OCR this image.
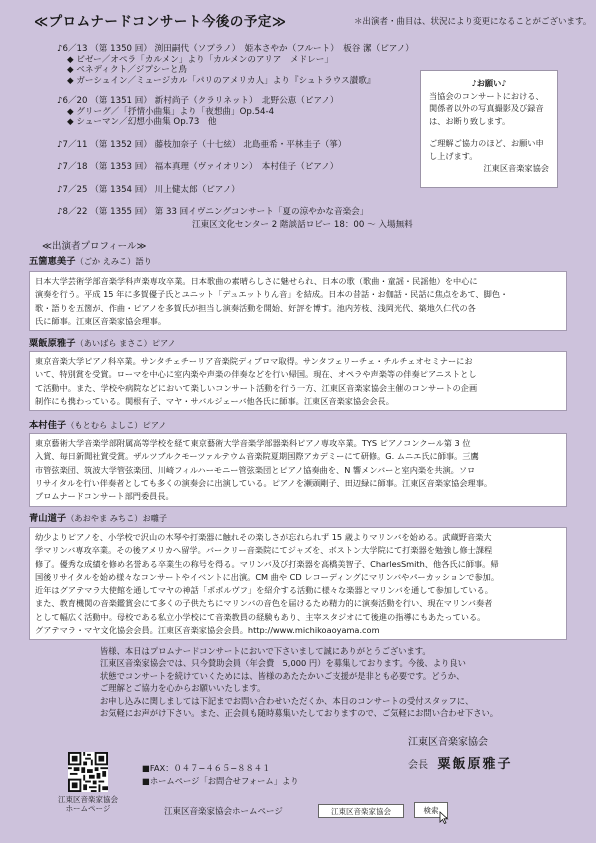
≪プロムナードコンサート今後の予定≫	＊出演者・曲目は、状況により変更になることがございます。
♪6／13 （第 1350 回） 渕田嗣代（ソプラノ）　姫本さやか（フルート）　板谷 潔（ピアノ）
◆ ビゼー／オペラ「カルメン」より「カルメンのアリア　メドレー」
◆ ベネディクト／ジプシーと鳥
◆ ガーシュイン／ミュージカル「パリのアメリカ人」より『シュトラウス讃歌』
♪6／20 （第 1351 回） 新村尚子（クラリネット）　北野公恵（ピアノ）
◆ グリーグ／「抒情小曲集」より「夜想曲」Op.54-4
◆ シューマン／幻想小曲集 Op.73　他
♪7／11 （第 1352 回） 藤枝加奈子（十七絃） 北島亜希・平林圭子（箏）
♪7／18 （第 1353 回） 福本真理（ヴァイオリン）　本村佳子（ピアノ）
♪7／25 （第 1354 回） 川上健太郎（ピアノ）
♪8／22 （第 1355 回） 第 33 回イヴニングコンサート「夏の涼やかな音楽会」
江東区文化センター 2 階談話ロビー 18：00 ～ 入場無料
♪お願い♪
当協会のコンサートにおける、
関係者以外の写真撮影及び録音
は、お断り致します。
ご理解ご協力のほど、お願い申
し上げます。
江東区音楽家協会
≪出演者プロフィール≫
五箇恵美子（ごか えみこ）語り

日本大学芸術学部音楽学科声楽専攻卒業。日本歌曲の素晴らしさに魅せられ、日本の歌（歌曲・童謡・民謡他）を中心に

演奏を行う。平成 15 年に多賀優子氏とユニット「デュエットりん音」を結成。日本の昔話・お伽話・民話に焦点をあて、脚色・

歌・語りを五箇が、作曲・ピアノを多賀氏が担当し演奏活動を開始、好評を博す。池内芳枝、浅岡光代、築地久仁代の各

氏に師事。江東区音楽家協会理事。

粟飯原雅子（あいばら まさこ）ピアノ

東京音楽大学ピアノ科卒業。サンタチェチーリア音楽院ディプロマ取得。サンタフェリーチェ・チルチェオセミナーにお

いて、特別賞を受賞。ローマを中心に室内楽や声楽の伴奏などを行い帰国。現在、オペラや声楽等の伴奏ピアニストとし

て活動中。また、学校や病院などにおいて楽しいコンサート活動を行う一方、江東区音楽家協会主催のコンサートの企画

制作にも携わっている。関根有子、マヤ・サバルジェーバ他各氏に師事。江東区音楽家協会会長。

本村佳子（もとむら よしこ）ピアノ

東京藝術大学音楽学部附属高等学校を経て東京藝術大学音楽学部器楽科ピアノ専攻卒業。TYS ピアノコンクール第 3 位

入賞、毎日新聞社賞受賞。ザルツブルクモーツァルテウム音楽院夏期国際アカデミーにて研修。G. ムニエ氏に師事。三鷹

市管弦楽団、筑波大学管弦楽団、川崎フィルハーモニー管弦楽団とピアノ協奏曲を、N 響メンバーと室内楽を共演。ソロ

リサイタルを行い伴奏者としても多くの演奏会に出演している。ピアノを瀬頭剛子、田辺緑に師事。江東区音楽家協会理事。

プロムナードコンサート部門委員長。

青山道子（あおやま みちこ）お囃子

幼少よりピアノを、小学校で沢山の木琴や打楽器に触れその楽しさが忘れられず 15 歳よりマリンバを始める。武蔵野音楽大

学マリンバ専攻卒業。その後アメリカへ留学。バークリー音楽院にてジャズを、ボストン大学院にて打楽器を勉強し修士課程

修了。優秀な成績を修め名誉ある卒業生の称号を得る。マリンバ及び打楽器を高橋美智子、CharlesSmith、他各氏に師事。帰

国後リサイタルを始め様々なコンサートやイベントに出演。CM 曲や CD レコーディングにマリンバやパーカッションで参加。

近年はグアテマラ大使館を通してマヤの神話「ポポルヴフ」を紹介する活動に様々な楽器とマリンバを通して参加している。

また、教育機関の音楽鑑賞会にて多くの子供たちにマリンバの音色を届けるため精力的に演奏活動を行い、現在マリンバ奏者

として幅広く活動中。母校である私立小学校にて音楽教員の経験もあり、主宰スタジオにて後進の指導にもあたっている。

グアテマラ・マヤ文化協会会員。江東区音楽家協会会員。http://www.michikoaoyama.com

皆様、本日はプロムナードコンサートにおいで下さいまして誠にありがとうございます。

江東区音楽家協会では、只今賛助会員（年会費　5,000 円）を募集しております。今後、より良い

状態でコンサートを続けていくためには、皆様のあたたかいご支援が是非とも必要です。どうか、

ご理解とご協力を心からお願いいたします。

お申し込みに関しましては下記までお問い合わせいただくか、本日のコンサートの受付スタッフに、

お気軽にお声がけ下さい。また、正会員も随時募集いたしておりますので、ご気軽にお問い合わせ下さい。

江東区音楽家協会
会長 粟飯原雅子
江東区音楽家協会
ホームページ

■FAX：０４７−４６５−８８４１

■ホームページ「お問合せフォーム」より

江東区音楽家協会ホームページ	江東区音楽家協会	検索
